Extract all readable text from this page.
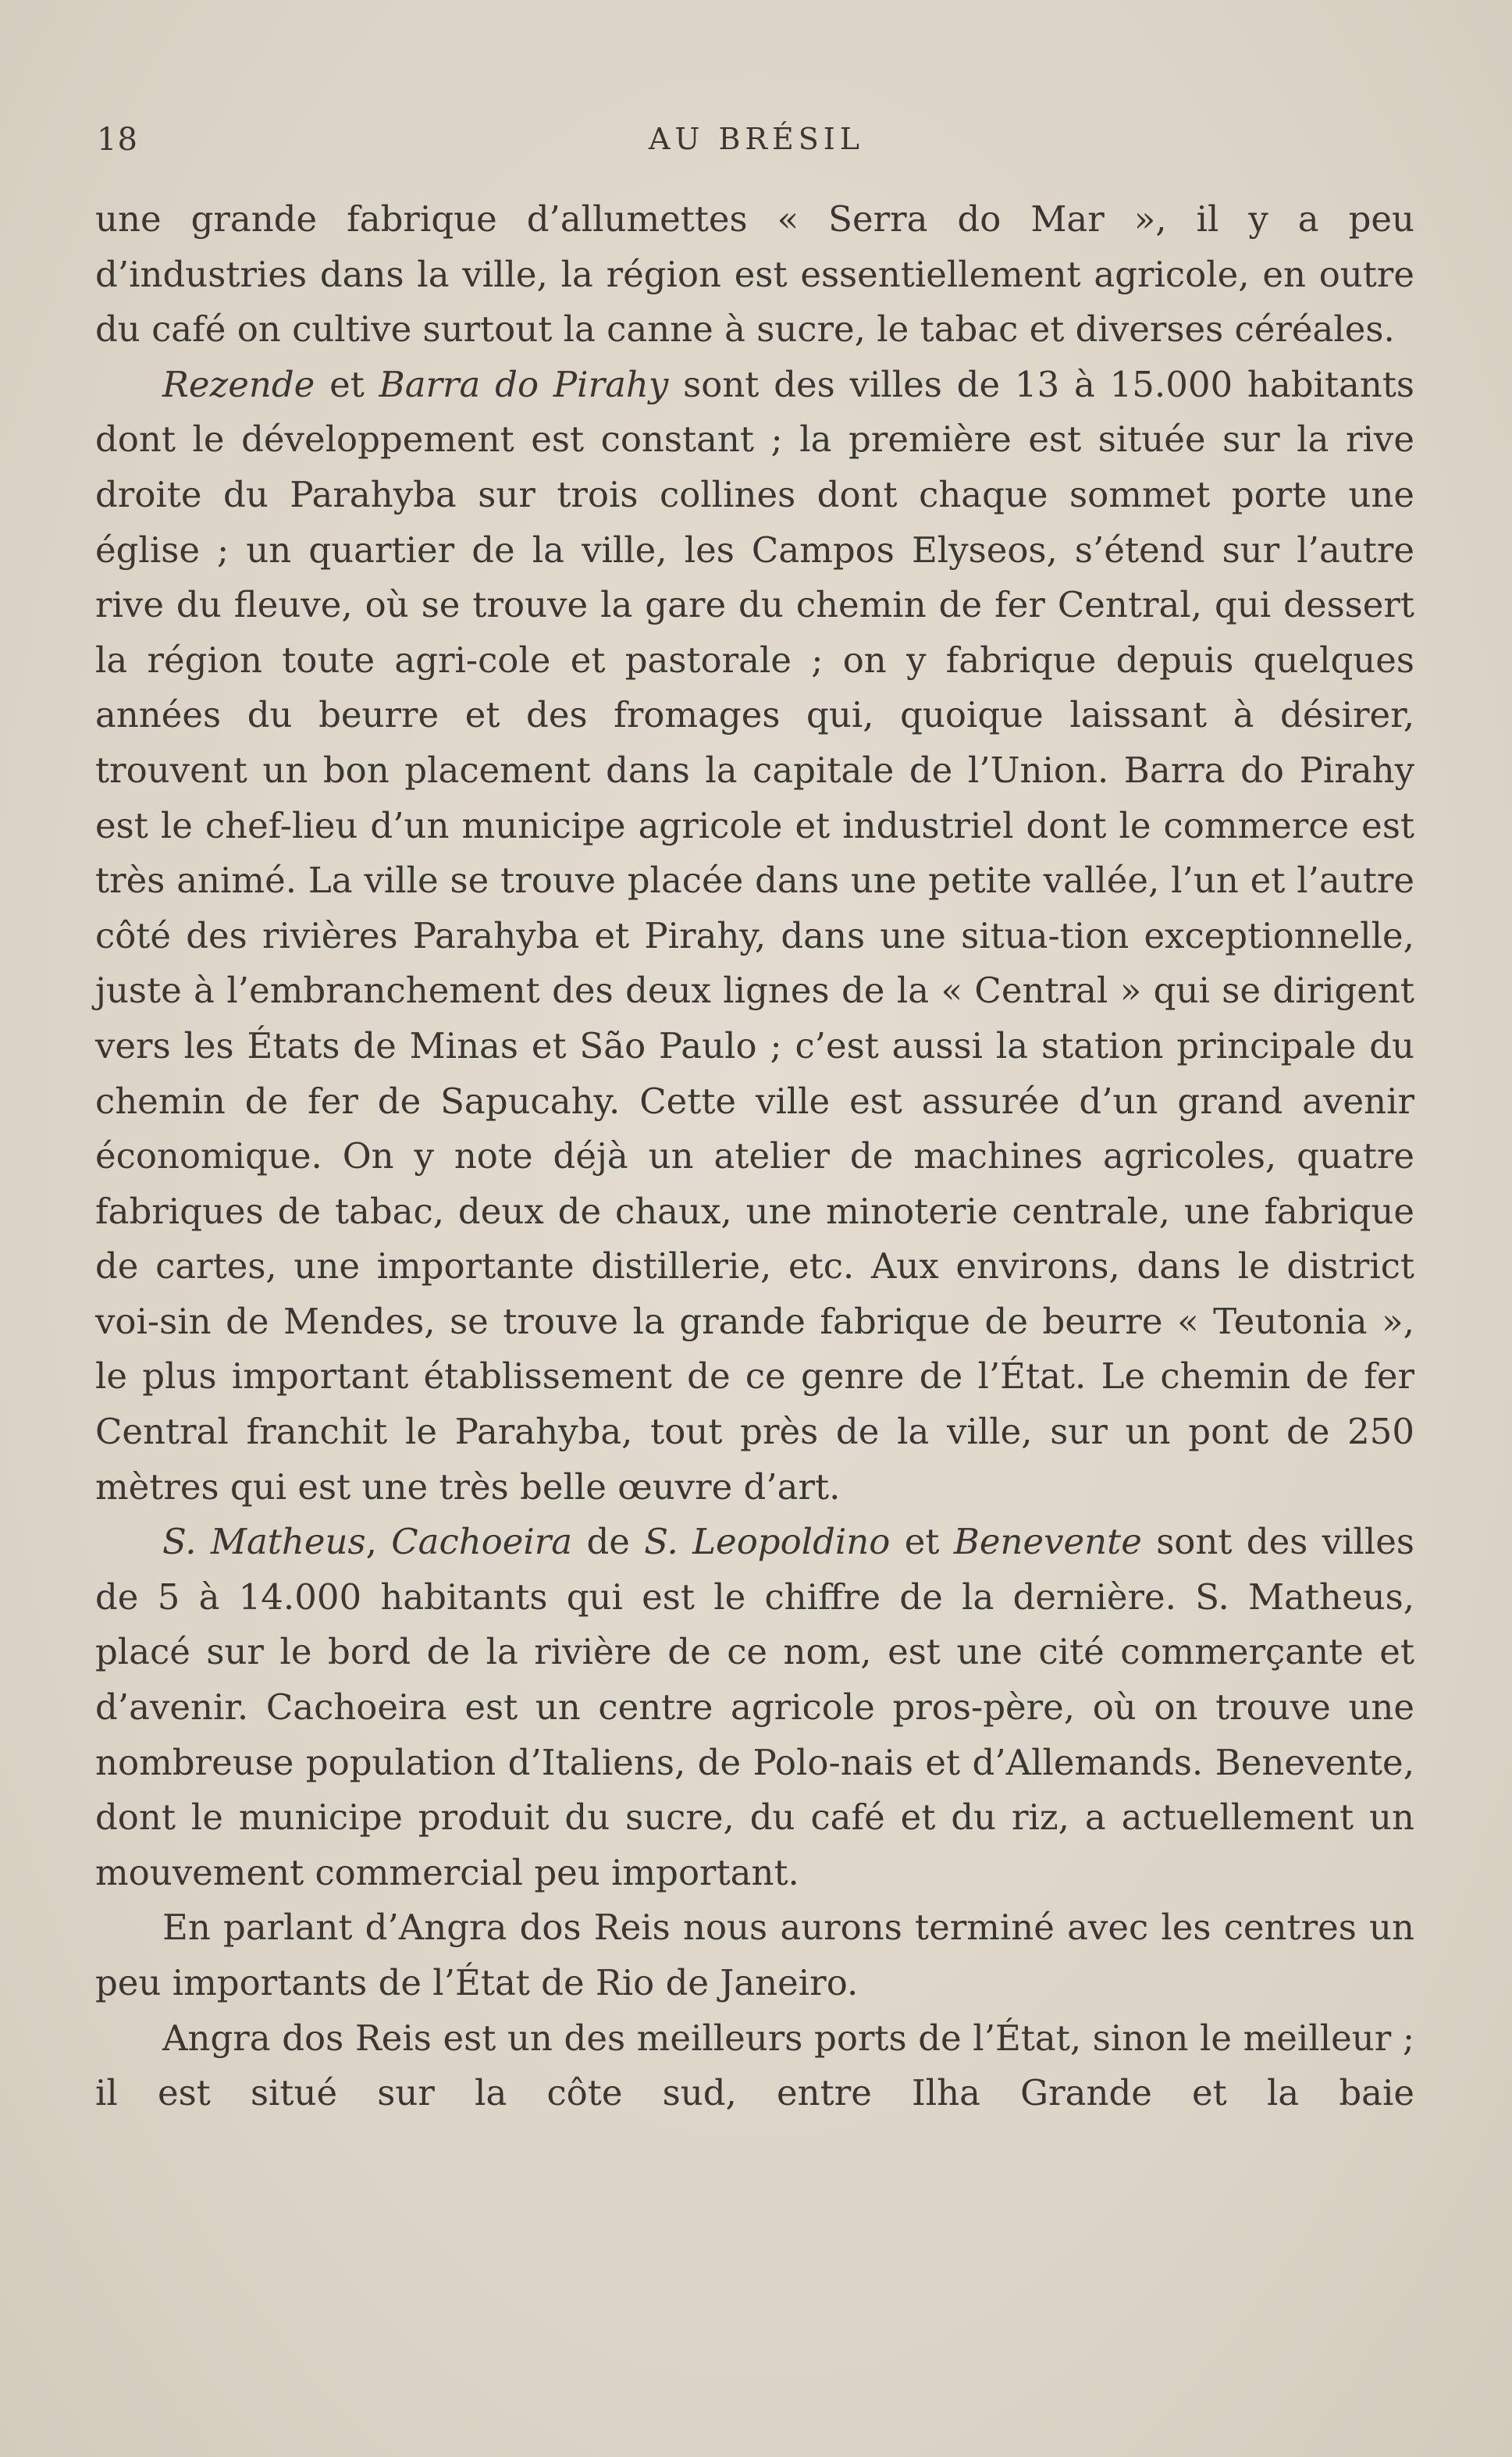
18	AU BRÉSIL

une grande fabrique d’allumettes « Serra do Mar », il y a peu d’industries dans la ville, la région est essentiellement agricole, en outre du café on cultive surtout la canne à sucre, le tabac et diverses céréales.

Rezende et Barra do Pirahy sont des villes de 13 à 15.000 habitants dont le développement est constant ; la première est située sur la rive droite du Parahyba sur trois collines dont chaque sommet porte une église ; un quartier de la ville, les Campos Elyseos, s’étend sur l’autre rive du fleuve, où se trouve la gare du chemin de fer Central, qui dessert la région toute agri-cole et pastorale ; on y fabrique depuis quelques années du beurre et des fromages qui, quoique laissant à désirer, trouvent un bon placement dans la capitale de l’Union. Barra do Pirahy est le chef-lieu d’un municipe agricole et industriel dont le commerce est très animé. La ville se trouve placée dans une petite vallée, l’un et l’autre côté des rivières Parahyba et Pirahy, dans une situa-tion exceptionnelle, juste à l’embranchement des deux lignes de la « Central » qui se dirigent vers les États de Minas et São Paulo ; c’est aussi la station principale du chemin de fer de Sapucahy. Cette ville est assurée d’un grand avenir économique. On y note déjà un atelier de machines agricoles, quatre fabriques de tabac, deux de chaux, une minoterie centrale, une fabrique de cartes, une importante distillerie, etc. Aux environs, dans le district voi-sin de Mendes, se trouve la grande fabrique de beurre « Teutonia », le plus important établissement de ce genre de l’État. Le chemin de fer Central franchit le Parahyba, tout près de la ville, sur un pont de 250 mètres qui est une très belle œuvre d’art.

S. Matheus, Cachoeira de S. Leopoldino et Benevente sont des villes de 5 à 14.000 habitants qui est le chiffre de la dernière. S. Matheus, placé sur le bord de la rivière de ce nom, est une cité commerçante et d’avenir. Cachoeira est un centre agricole pros-père, où on trouve une nombreuse population d’Italiens, de Polo-nais et d’Allemands. Benevente, dont le municipe produit du sucre, du café et du riz, a actuellement un mouvement commercial peu important.

En parlant d’Angra dos Reis nous aurons terminé avec les centres un peu importants de l’État de Rio de Janeiro.

Angra dos Reis est un des meilleurs ports de l’État, sinon le meilleur ; il est situé sur la côte sud, entre Ilha Grande et la baie
